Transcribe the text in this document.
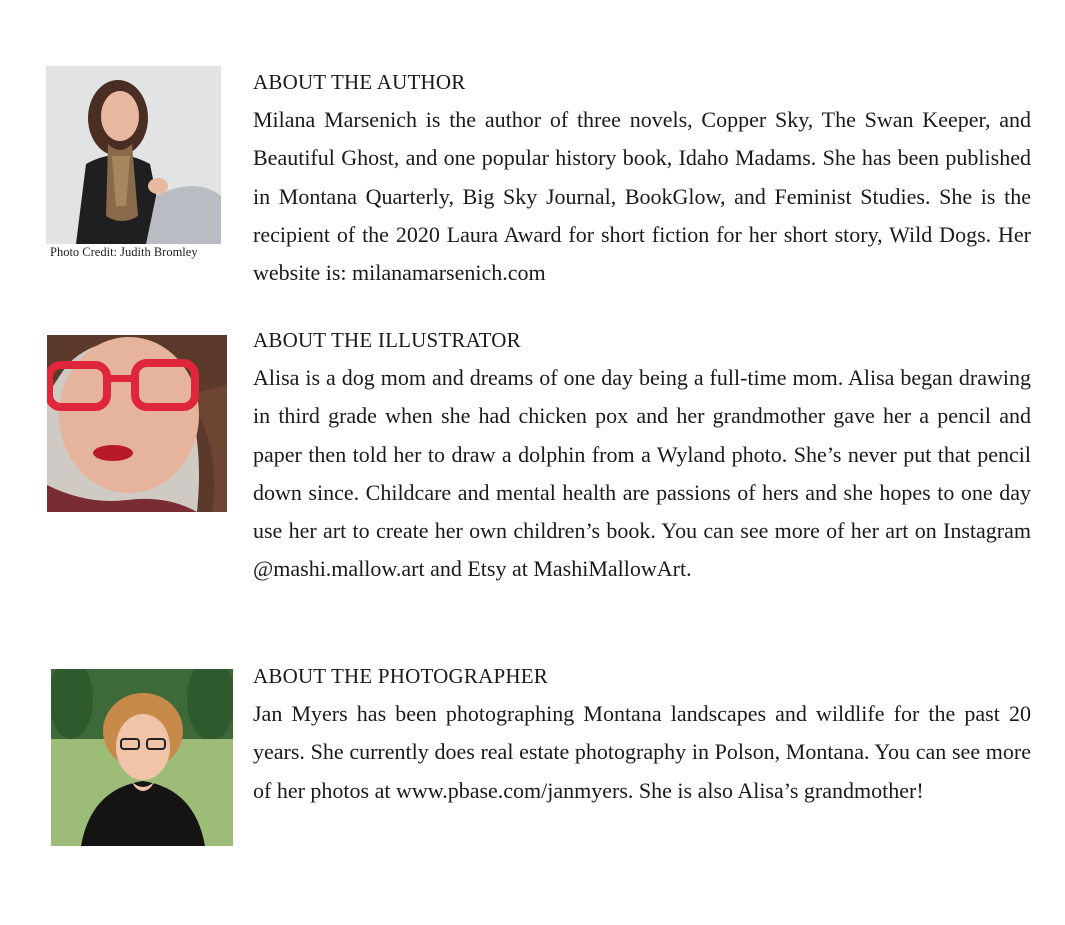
Photo Credit: Judith Bromley
ABOUT THE AUTHOR

Milana Marsenich is the author of three novels, Copper Sky, The Swan Keeper, and Beautiful Ghost, and one popular history book, Idaho Madams. She has been published in Montana Quarterly, Big Sky Journal, BookGlow, and Feminist Studies. She is the recipient of the 2020 Laura Award for short fiction for her short story, Wild Dogs. Her website is: milanamarsenich.com

ABOUT THE ILLUSTRATOR

Alisa is a dog mom and dreams of one day being a full-time mom. Alisa began drawing in third grade when she had chicken pox and her grandmother gave her a pencil and paper then told her to draw a dolphin from a Wyland photo. She’s never put that pencil down since. Childcare and mental health are passions of hers and she hopes to one day use her art to create her own children’s book. You can see more of her art on Instagram @mashi.mallow.art and Etsy at MashiMallowArt.

ABOUT THE PHOTOGRAPHER

Jan Myers has been photographing Montana landscapes and wildlife for the past 20 years. She currently does real estate photography in Polson, Montana. You can see more of her photos at www.pbase.com/janmyers. She is also Alisa’s grandmother!
